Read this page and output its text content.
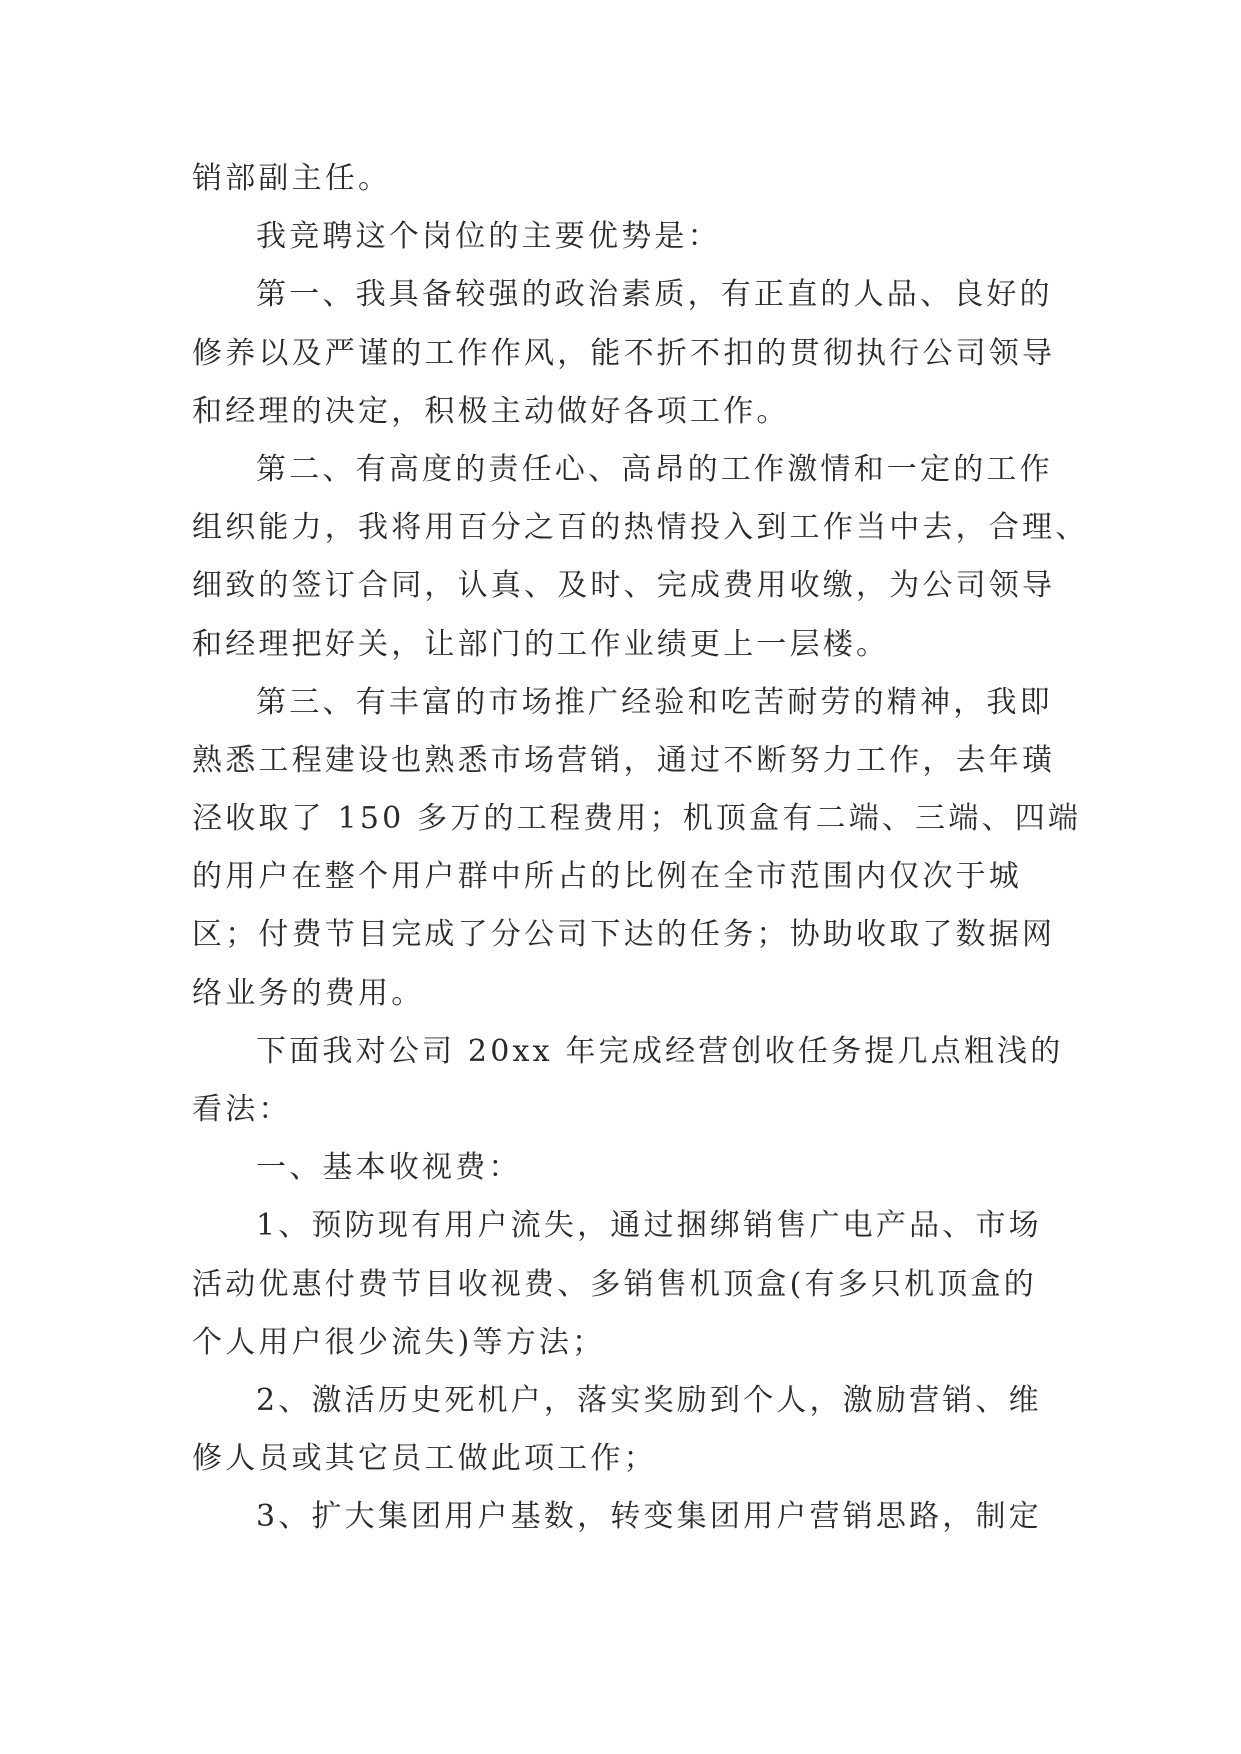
销部副主任。
我竞聘这个岗位的主要优势是：
第一、我具备较强的政治素质，有正直的人品、良好的
修养以及严谨的工作作风，能不折不扣的贯彻执行公司领导
和经理的决定，积极主动做好各项工作。
第二、有高度的责任心、高昂的工作激情和一定的工作
组织能力，我将用百分之百的热情投入到工作当中去，合理、
细致的签订合同，认真、及时、完成费用收缴，为公司领导
和经理把好关，让部门的工作业绩更上一层楼。
第三、有丰富的市场推广经验和吃苦耐劳的精神，我即
熟悉工程建设也熟悉市场营销，通过不断努力工作，去年璜
泾收取了 150 多万的工程费用；机顶盒有二端、三端、四端
的用户在整个用户群中所占的比例在全市范围内仅次于城
区；付费节目完成了分公司下达的任务；协助收取了数据网
络业务的费用。
下面我对公司 20xx 年完成经营创收任务提几点粗浅的
看法：
一、基本收视费：
1、预防现有用户流失，通过捆绑销售广电产品、市场
活动优惠付费节目收视费、多销售机顶盒(有多只机顶盒的
个人用户很少流失)等方法；
2、激活历史死机户，落实奖励到个人，激励营销、维
修人员或其它员工做此项工作；
3、扩大集团用户基数，转变集团用户营销思路，制定
